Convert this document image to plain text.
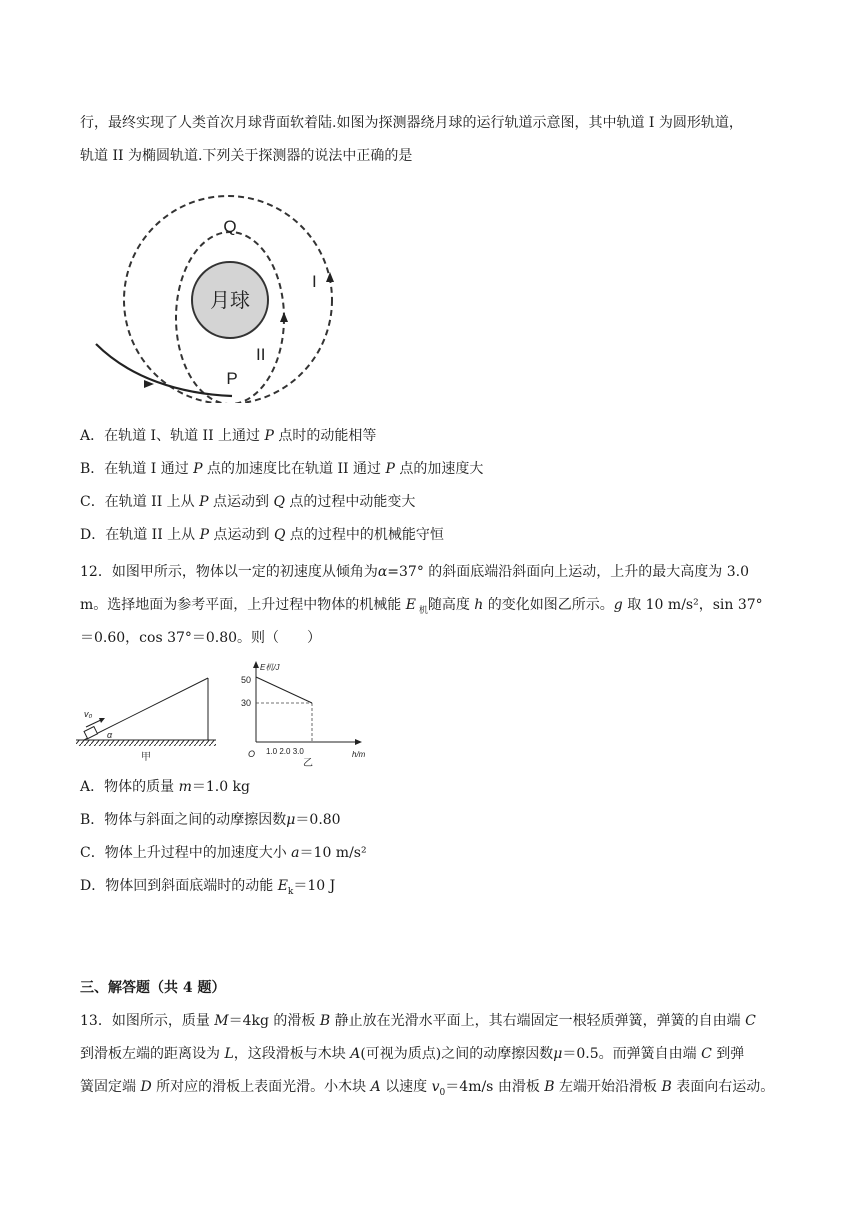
行，最终实现了人类首次月球背面软着陆.如图为探测器绕月球的运行轨道示意图，其中轨道 I 为圆形轨道，
轨道 II 为椭圆轨道.下列关于探测器的说法中正确的是
月球
Q
P
I
II
A．在轨道 I、轨道 II 上通过 P 点时的动能相等
B．在轨道 I 通过 P 点的加速度比在轨道 II 通过 P 点的加速度大
C．在轨道 II 上从 P 点运动到 Q 点的过程中动能变大
D．在轨道 II 上从 P 点运动到 Q 点的过程中的机械能守恒
12．如图甲所示，物体以一定的初速度从倾角为α=37° 的斜面底端沿斜面向上运动，上升的最大高度为 3.0
m。选择地面为参考平面，上升过程中物体的机械能 E $_机$随高度 h 的变化如图乙所示。g 取 10 m/s²，sin 37°
＝0.60，cos 37°＝0.80。则（　　）
v₀
α
甲
E机/J
h/m
O
50
30
1.0 2.0 3.0
乙
A．物体的质量 m＝1.0 kg
B．物体与斜面之间的动摩擦因数μ＝0.80
C．物体上升过程中的加速度大小 a＝10 m/s²
D．物体回到斜面底端时的动能 $E_k=10$ J
三、解答题（共 4 题）
13．如图所示，质量 M＝4kg 的滑板 B 静止放在光滑水平面上，其右端固定一根轻质弹簧，弹簧的自由端 C
到滑板左端的距离设为 L，这段滑板与木块 A(可视为质点)之间的动摩擦因数μ＝0.5。而弹簧自由端 C 到弹
簧固定端 D 所对应的滑板上表面光滑。小木块 A 以速度 $v_0=4m/s$ 由滑板 B 左端开始沿滑板 B 表面向右运动。
